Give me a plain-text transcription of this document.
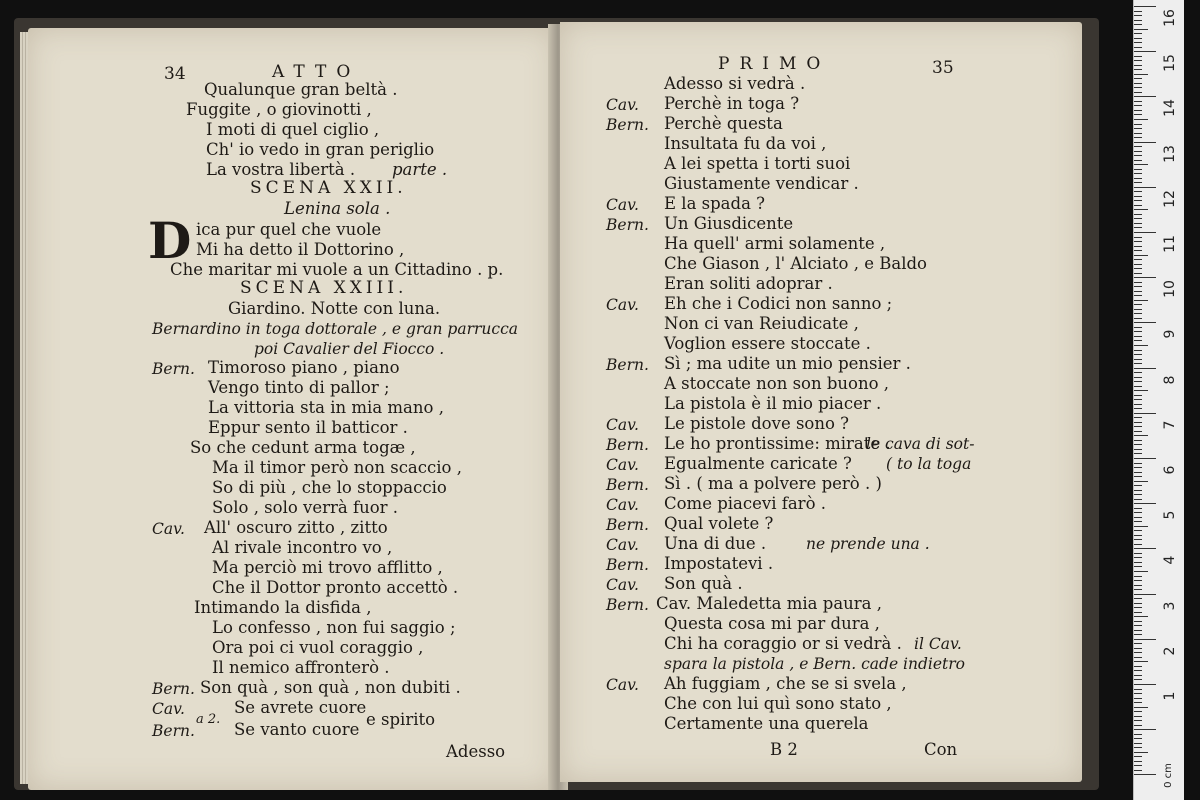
34	ATTO
Qualunque gran beltà .
Fuggite , o giovinotti ,
I moti di quel ciglio ,
Ch' io vedo in gran periglio
La vostra libertà . parte .
SCENA XXII.
Lenina sola .
D ica pur quel che vuole
Mi ha detto il Dottorino ,
Che maritar mi vuole a un Cittadino . p.
SCENA XXIII.
Giardino. Notte con luna.
Bernardino in toga dottorale , e gran parrucca
poi Cavalier del Fiocco .
Bern. Timoroso piano , piano
Vengo tinto di pallor ;
La vittoria sta in mia mano ,
Eppur sento il batticor .
So che cedunt arma togæ ,
Ma il timor però non scaccio ,
So di più , che lo stoppaccio
Solo , solo verrà fuor .
Cav. All' oscuro zitto , zitto
Al rivale incontro vo ,
Ma perciò mi trovo afflitto ,
Che il Dottor pronto accettò .
Intimando la disfida ,
Lo confesso , non fui saggio ;
Ora poi ci vuol coraggio ,
Il nemico affronterò .
Bern. Son quà , son quà , non dubiti .
Cav.
Bern.
a 2.
Se avrete cuore
Se vanto cuore
e spirito
Adesso
PRIMO	35
Adesso si vedrà .
Cav. Perchè in toga ?
Bern. Perchè questa
Insultata fu da voi ,
A lei spetta i torti suoi
Giustamente vendicar .
Cav. E la spada ?
Bern. Un Giusdicente
Ha quell' armi solamente ,
Che Giason , l' Alciato , e Baldo
Eran soliti adoprar .
Cav. Eh che i Codici non sanno ;
Non ci van Reiudicate ,
Voglion essere stoccate .
Bern. Sì ; ma udite un mio pensier .
A stoccate non son buono ,
La pistola è il mio piacer .
Cav. Le pistole dove sono ?
Bern. Le ho prontissime: mirate .
le cava di sot-
Cav. Egualmente caricate ? ( to la toga
Bern. Sì . ( ma a polvere però . )
Cav. Come piacevi farò .
Bern. Qual volete ?
Cav. Una di due .	ne prende una .
Bern. Impostatevi .
Cav. Son quà .
Bern. Cav. Maledetta mia paura ,
Questa cosa mi par dura ,
Chi ha coraggio or si vedrà . il Cav.
spara la pistola , e Bern. cade indietro
Cav. Ah fuggiam , che se si svela ,
Che con lui quì sono stato ,
Certamente una querela
B 2	Con
0 cm
16
15
14
13
12
11
10
9
8
7
6
5
4
3
2
1
